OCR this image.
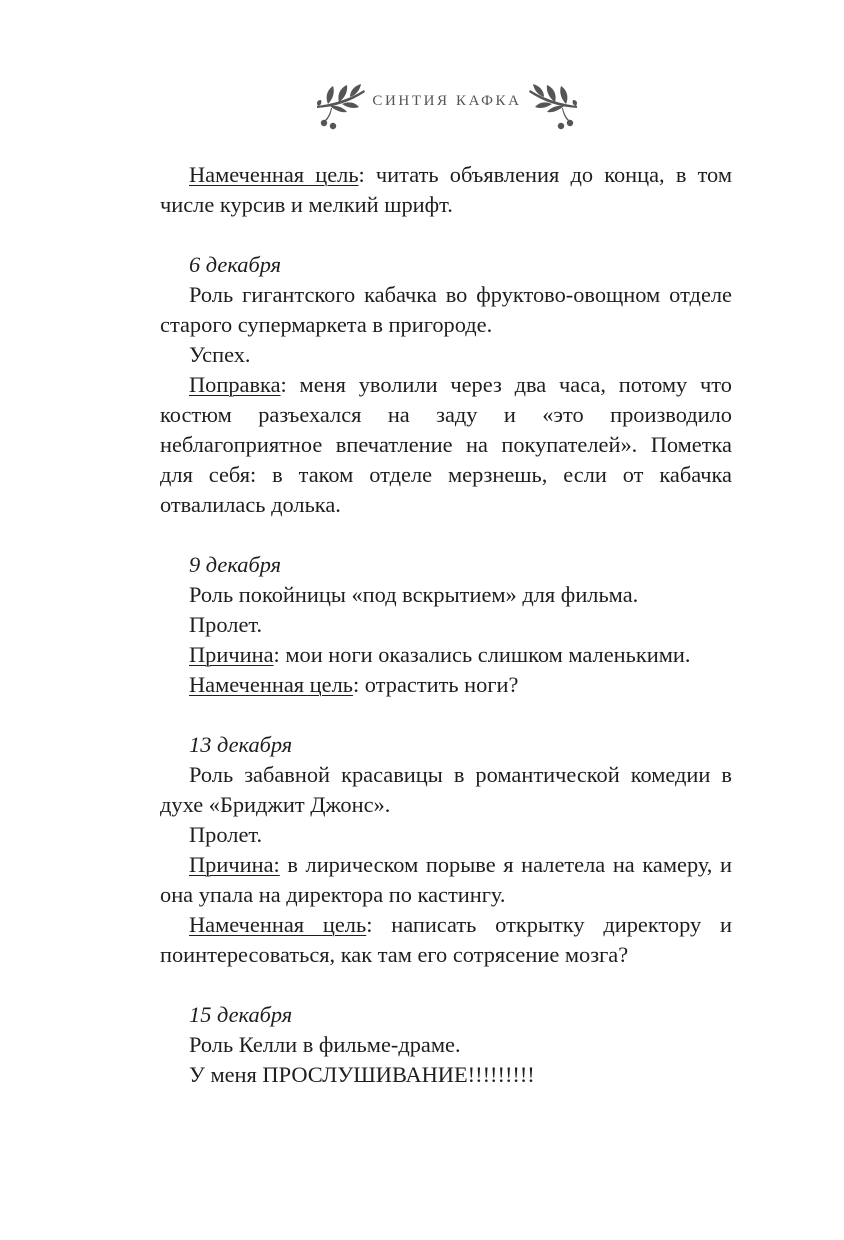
СИНТИЯ КАФКА

Намеченная цель: читать объявления до конца, в том числе курсив и мелкий шрифт.

6 декабря

Роль гигантского кабачка во фруктово-овощном отделе старого супермаркета в пригороде.

Успех.

Поправка: меня уволили через два часа, потому что костюм разъехался на заду и «это производило неблагоприятное впечатление на покупателей». Пометка для себя: в таком отделе мерзнешь, если от кабачка отвалилась долька.

9 декабря

Роль покойницы «под вскрытием» для фильма.

Пролет.

Причина: мои ноги оказались слишком маленькими.

Намеченная цель: отрастить ноги?

13 декабря

Роль забавной красавицы в романтической комедии в духе «Бриджит Джонс».

Пролет.

Причина: в лирическом порыве я налетела на камеру, и она упала на директора по кастингу.

Намеченная цель: написать открытку директору и поинтересоваться, как там его сотрясение мозга?

15 декабря

Роль Келли в фильме-драме.

У меня ПРОСЛУШИВАНИЕ!!!!!!!!!
